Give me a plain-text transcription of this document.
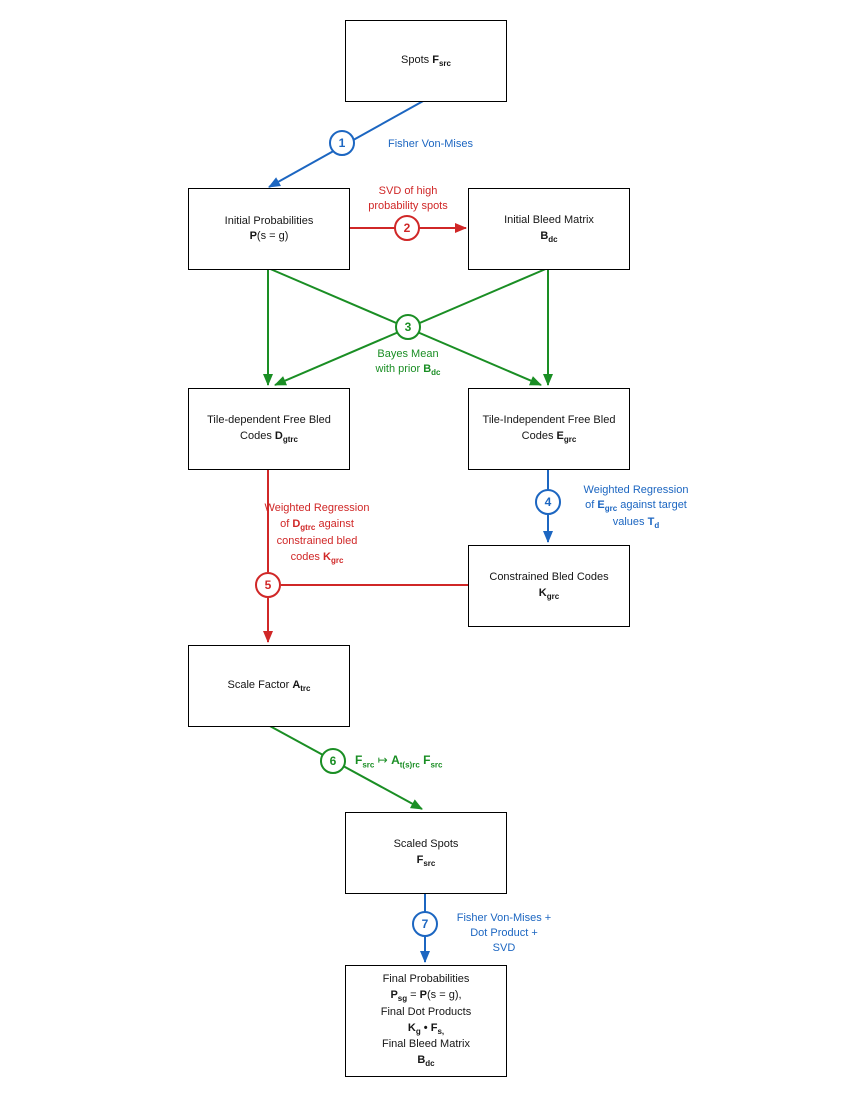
Spots $F_{src}$
Initial Probabilities
P(s = g)
Initial Bleed Matrix
$B_{dc}$
Tile-dependent Free Bled
Codes $D_{gtrc}$
Tile-Independent Free Bled
Codes $E_{grc}$
Constrained Bled Codes
$K_{grc}$
Scale Factor $A_{trc}$
Scaled Spots
$F_{src}$
Final Probabilities
$P_{sg} = P(s = g)$,
Final Dot Products
$K_g$ • $F_{s,}$
Final Bleed Matrix
$B_{dc}$
1
2
3
4
5
6
7
Fisher Von-Mises
SVD of high
probability spots
Bayes Mean
with prior $B_{dc}$
Weighted Regression
of $E_{grc}$ against target
values $T_d$
Weighted Regression
of $D_{gtrc}$ against
constrained bled
codes $K_{grc}$
$F_{src}$ ↦ $A_{t(s)rc}$ $F_{src}$
Fisher Von-Mises +
Dot Product +
SVD
